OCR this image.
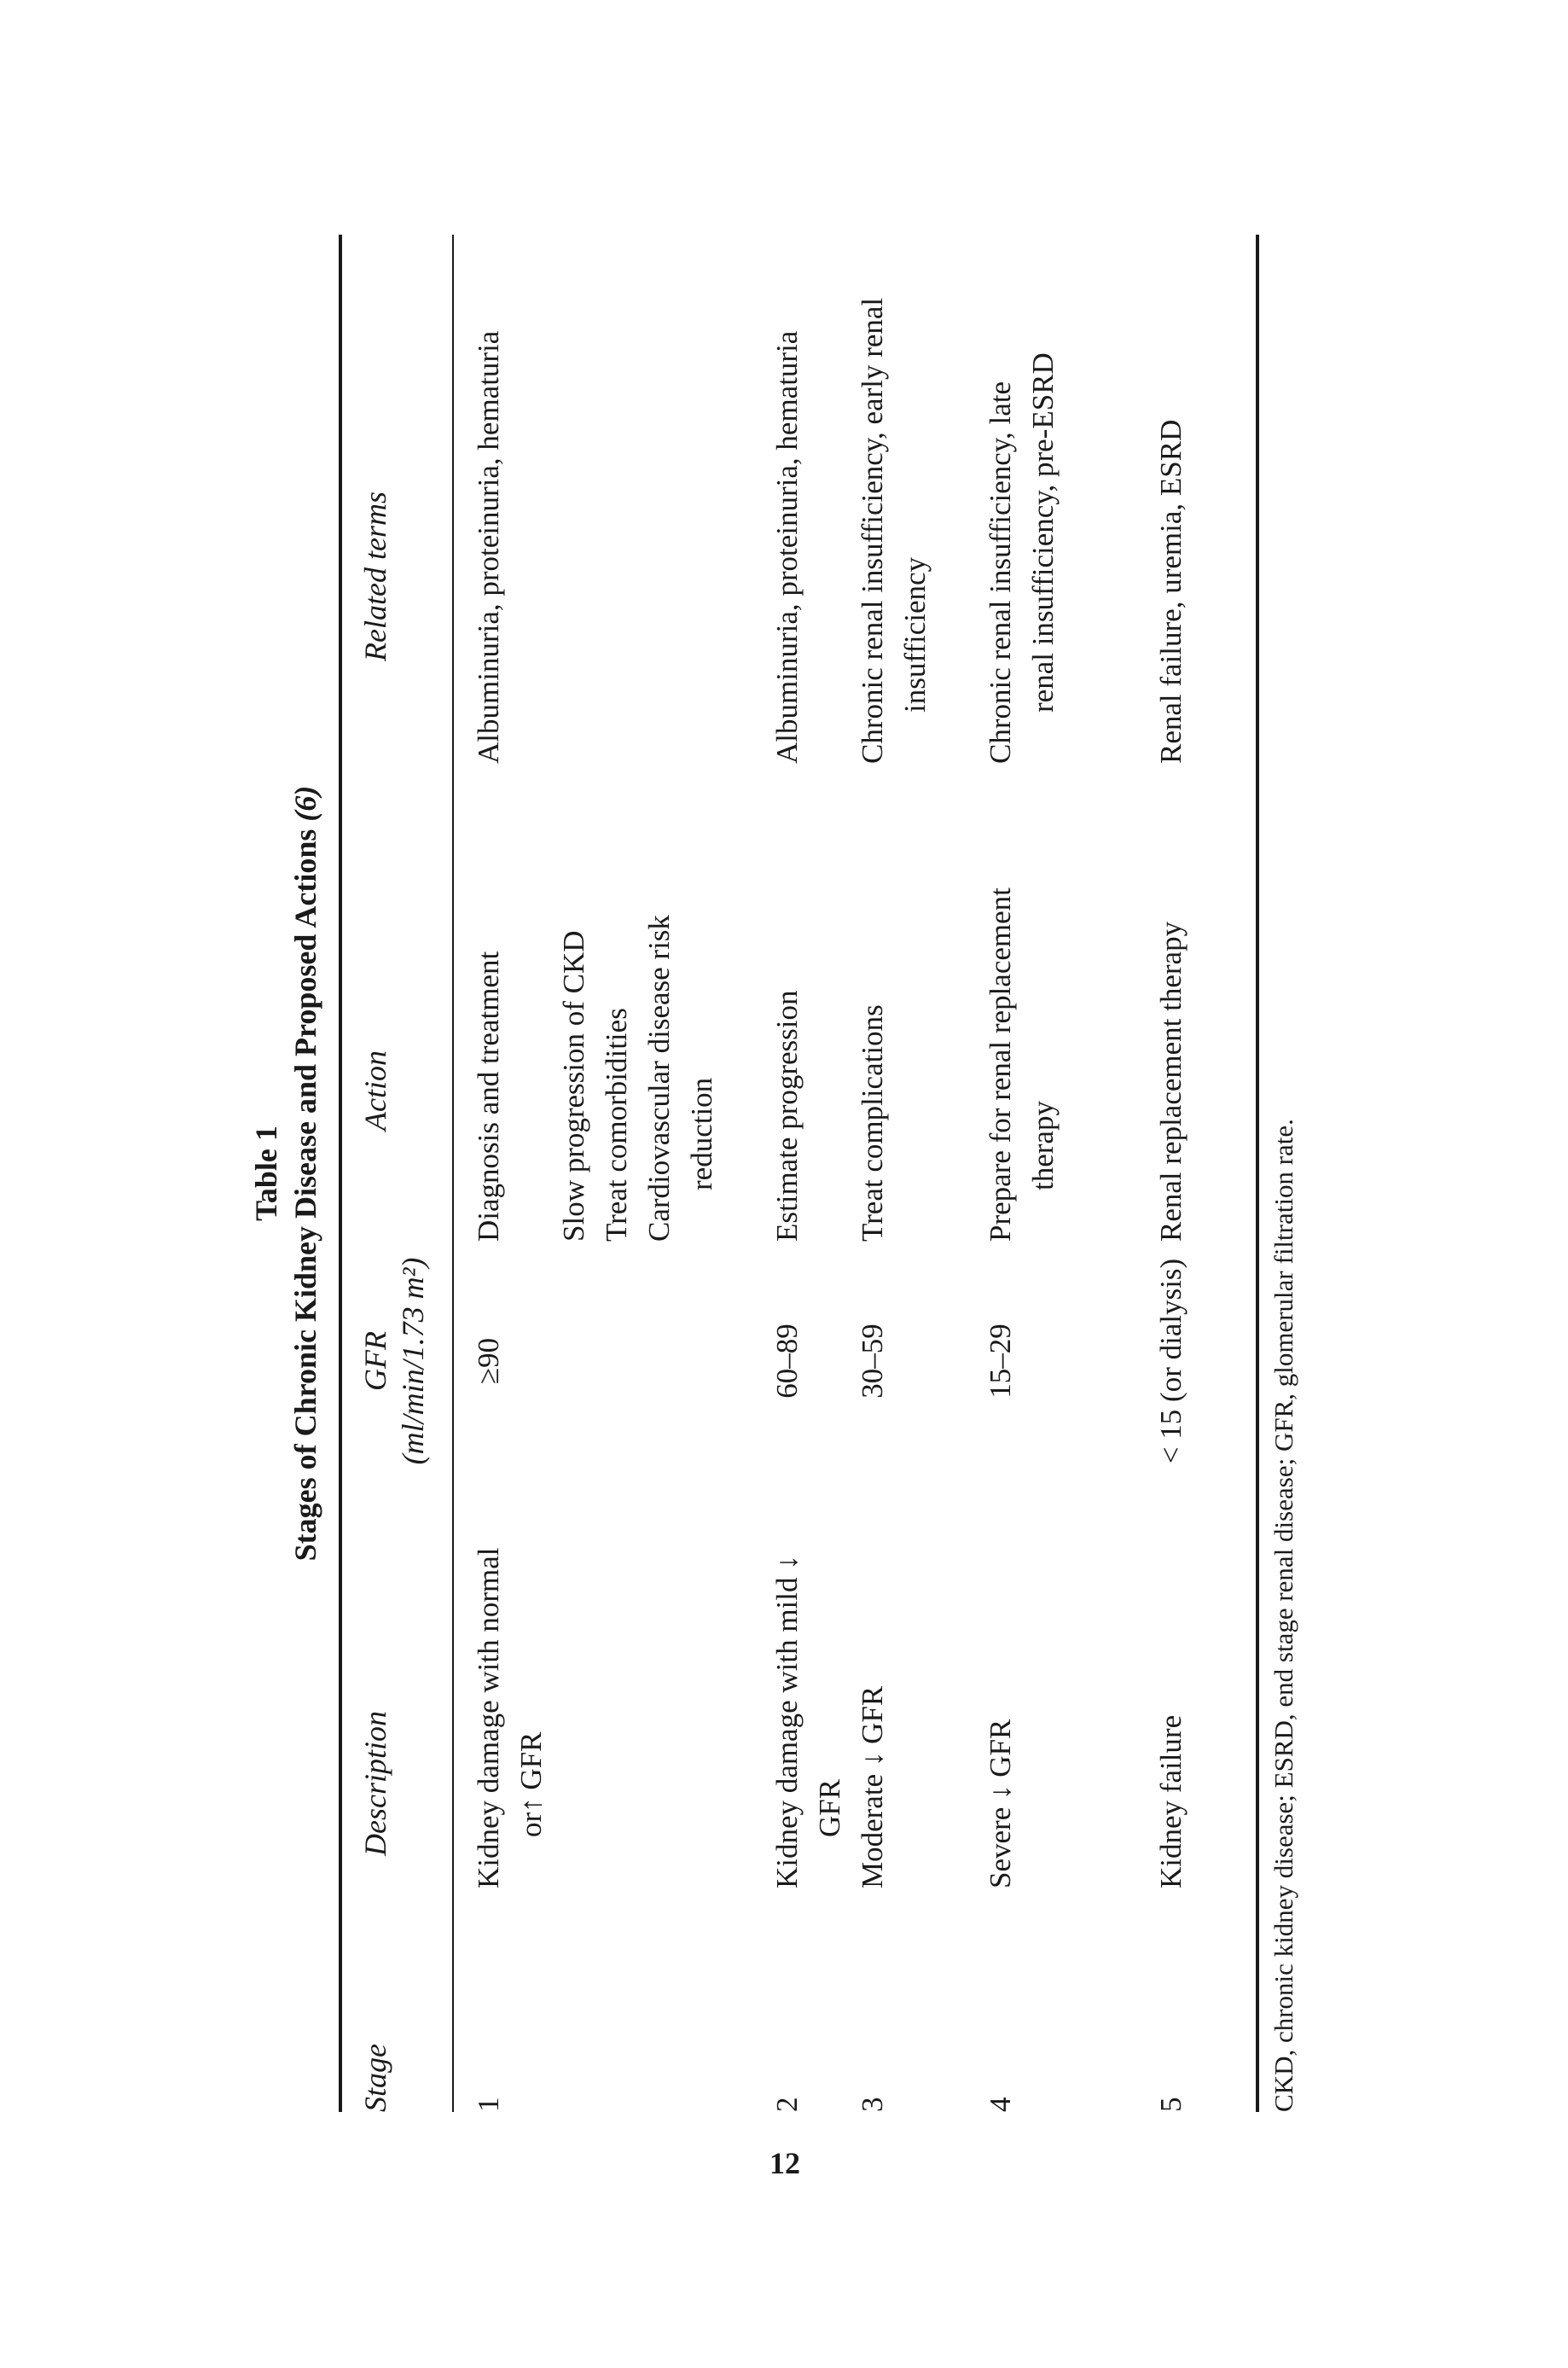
12
Table 1 Stages of Chronic Kidney Disease and Proposed Actions (6)
Stage
Description
GFR (ml/min/1.73 m²)
Action
Related terms
1
Kidney damage with normal or↑ GFR
≥90
Diagnosis and treatment Slow progression of CKD Treat comorbidities Cardiovascular disease risk reduction
Albuminuria, proteinuria, hematuria
2
Kidney damage with mild ↓ GFR
60–89
Estimate progression
Albuminuria, proteinuria, hematuria
3
Moderate ↓ GFR
30–59
Treat complications
Chronic renal insufficiency, early renal insufficiency
4
Severe ↓ GFR
15–29
Prepare for renal replacement therapy
Chronic renal insufficiency, late renal insufficiency, pre-ESRD
5
Kidney failure
< 15 (or dialysis)
Renal replacement therapy
Renal failure, uremia, ESRD
CKD, chronic kidney disease; ESRD, end stage renal disease; GFR, glomerular filtration rate.
